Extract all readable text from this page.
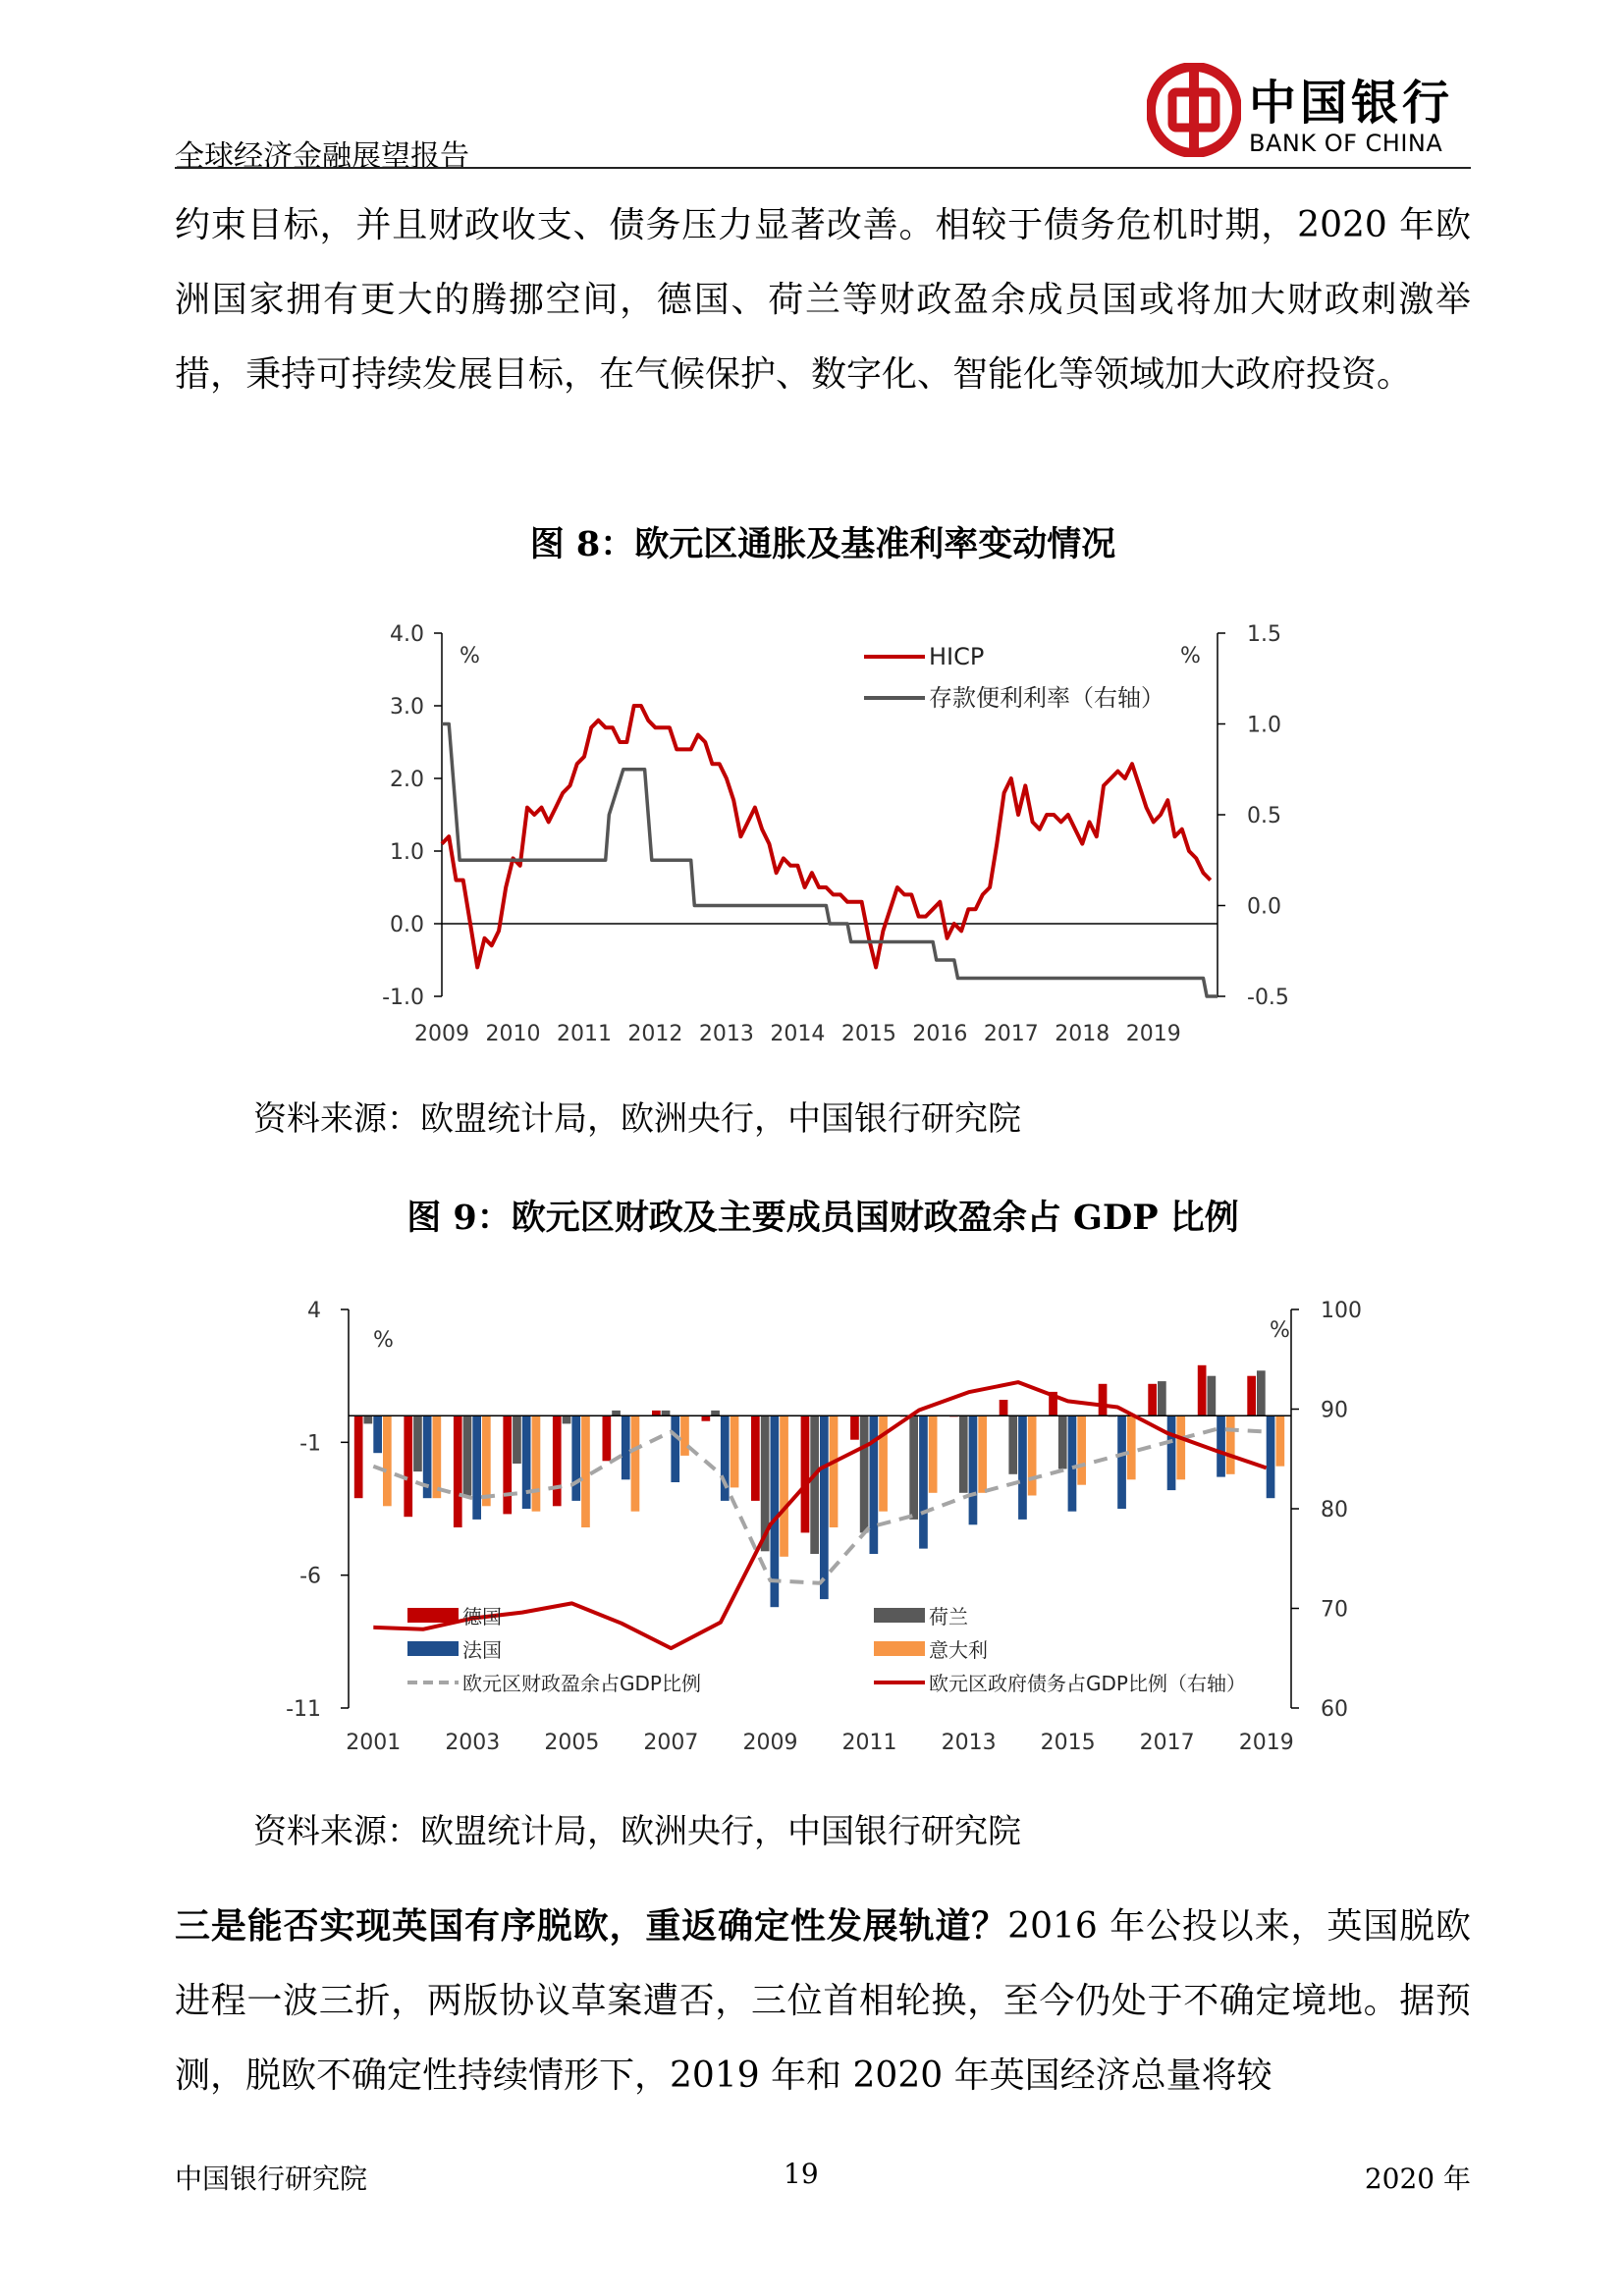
全球经济金融展望报告
中国银行
BANK OF CHINA

约束目标，并且财政收支、债务压力显著改善。相较于债务危机时期，2020 年欧洲国家拥有更大的腾挪空间，德国、荷兰等财政盈余成员国或将加大财政刺激举措，秉持可持续发展目标，在气候保护、数字化、智能化等领域加大政府投资。

图 8：欧元区通胀及基准利率变动情况
4.0
3.0
2.0
1.0
0.0
-1.0
1.5
1.0
0.5
0.0
-0.5
2009 2010 2011 2012 2013 2014 2015 2016 2017 2018 2019
%	%
HICP
存款便利利率（右轴）
资料来源：欧盟统计局，欧洲央行，中国银行研究院
图 9：欧元区财政及主要成员国财政盈余占 GDP 比例
4
-1
-6
-11
100
90
80
70
60
2001 2003 2005 2007 2009 2011 2013 2015 2017 2019
%	%
德国	荷兰
法国	意大利
欧元区财政盈余占GDP比例	欧元区政府债务占GDP比例（右轴）
资料来源：欧盟统计局，欧洲央行，中国银行研究院

三是能否实现英国有序脱欧，重返确定性发展轨道？2016 年公投以来，英国脱欧进程一波三折，两版协议草案遭否，三位首相轮换，至今仍处于不确定境地。据预测，脱欧不确定性持续情形下，2019 年和 2020 年英国经济总量将较

中国银行研究院	19	2020 年
